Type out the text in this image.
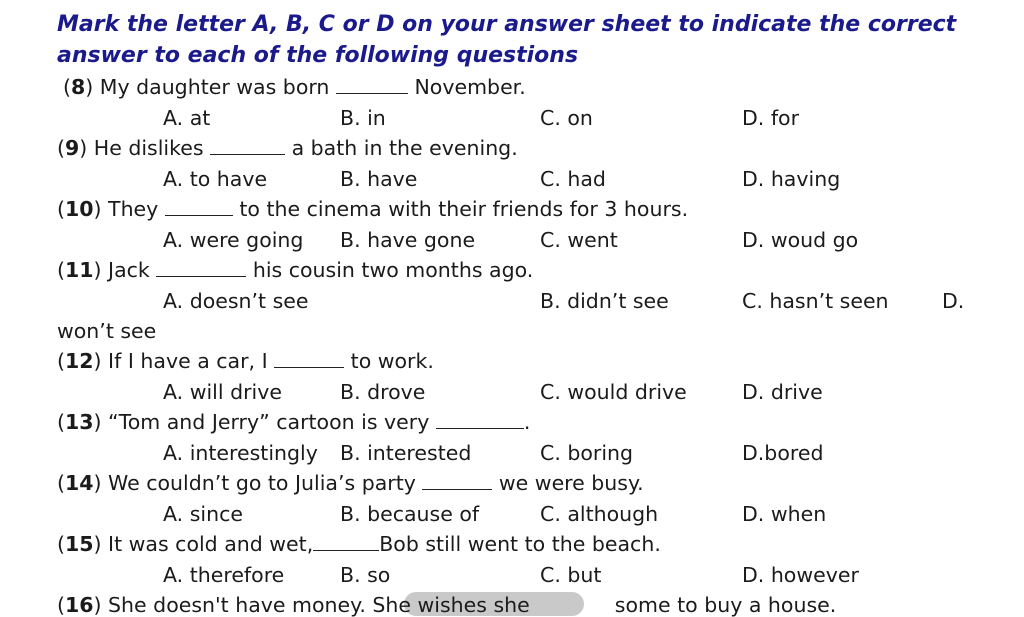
Mark the letter A, B, C or D on your answer sheet to indicate the correct
answer to each of the following questions
(8) My daughter was born	November.
A. at	B. in	C. on	D. for
(9) He dislikes	a bath in the evening.
A. to have	B. have	C. had	D. having
(10) They	to the cinema with their friends for 3 hours.
A. were going B. have gone	C. went	D. woud go
(11) Jack	his cousin two months ago.
A. doesn’t see	B. didn’t see	C. hasn’t seen	D.
won’t see
(12) If I have a car, I	to work.
A. will drive	B. drove	C. would drive	D. drive
(13) “Tom and Jerry” cartoon is very	.
A. interestingly B. interested	C. boring	D.bored
(14) We couldn’t go to Julia’s party	we were busy.
A. since	B. because of	C. although	D. when
(15) It was cold and wet,	Bob still went to the beach.
A. therefore	B. so	C. but	D. however
(16) She doesn't have money. She wishes she	some to buy a house.
